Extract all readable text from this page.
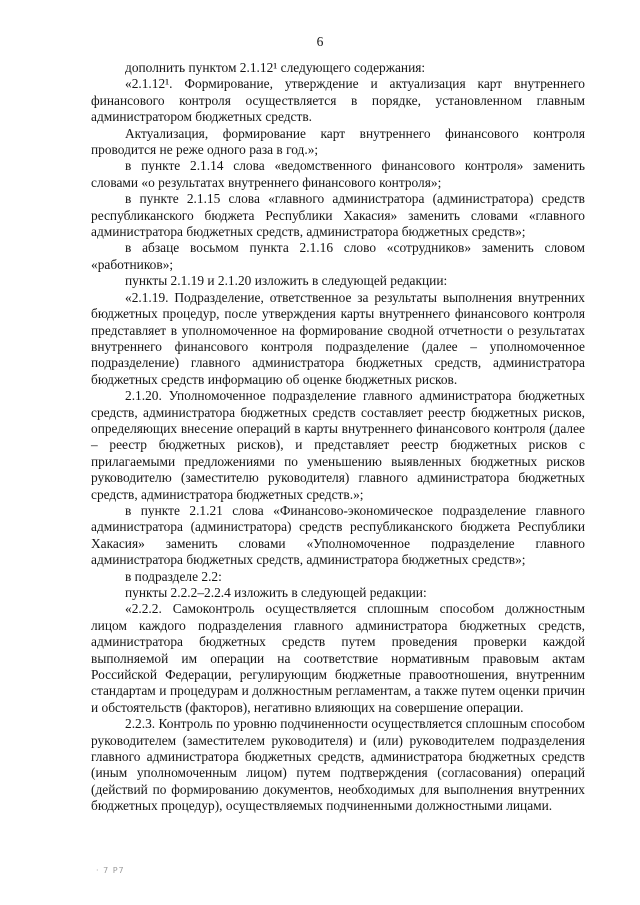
6

дополнить пунктом 2.1.12¹ следующего содержания:

«2.1.12¹. Формирование, утверждение и актуализация карт внутреннего финансового контроля осуществляется в порядке, установленном главным администратором бюджетных средств.

Актуализация, формирование карт внутреннего финансового контроля проводится не реже одного раза в год.»;

в пункте 2.1.14 слова «ведомственного финансового контроля» заменить словами «о результатах внутреннего финансового контроля»;

в пункте 2.1.15 слова «главного администратора (администратора) средств республиканского бюджета Республики Хакасия» заменить словами «главного администратора бюджетных средств, администратора бюджетных средств»;

в абзаце восьмом пункта 2.1.16 слово «сотрудников» заменить словом «работников»;

пункты 2.1.19 и 2.1.20 изложить в следующей редакции:

«2.1.19. Подразделение, ответственное за результаты выполнения внутренних бюджетных процедур, после утверждения карты внутреннего финансового контроля представляет в уполномоченное на формирование сводной отчетности о результатах внутреннего финансового контроля подразделение (далее – уполномоченное подразделение) главного администратора бюджетных средств, администратора бюджетных средств информацию об оценке бюджетных рисков.

2.1.20. Уполномоченное подразделение главного администратора бюджетных средств, администратора бюджетных средств составляет реестр бюджетных рисков, определяющих внесение операций в карты внутреннего финансового контроля (далее – реестр бюджетных рисков), и представляет реестр бюджетных рисков с прилагаемыми предложениями по уменьшению выявленных бюджетных рисков руководителю (заместителю руководителя) главного администратора бюджетных средств, администратора бюджетных средств.»;

в пункте 2.1.21 слова «Финансово-экономическое подразделение главного администратора (администратора) средств республиканского бюджета Республики Хакасия» заменить словами «Уполномоченное подразделение главного администратора бюджетных средств, администратора бюджетных средств»;

в подразделе 2.2:

пункты 2.2.2–2.2.4 изложить в следующей редакции:

«2.2.2. Самоконтроль осуществляется сплошным способом должностным лицом каждого подразделения главного администратора бюджетных средств, администратора бюджетных средств путем проведения проверки каждой выполняемой им операции на соответствие нормативным правовым актам Российской Федерации, регулирующим бюджетные правоотношения, внутренним стандартам и процедурам и должностным регламентам, а также путем оценки причин и обстоятельств (факторов), негативно влияющих на совершение операции.

2.2.3. Контроль по уровню подчиненности осуществляется сплошным способом руководителем (заместителем руководителя) и (или) руководителем подразделения главного администратора бюджетных средств, администратора бюджетных средств (иным уполномоченным лицом) путем подтверждения (согласования) операций (действий по формированию документов, необходимых для выполнения внутренних бюджетных процедур), осуществляемых подчиненными должностными лицами.

· 7 Р7
